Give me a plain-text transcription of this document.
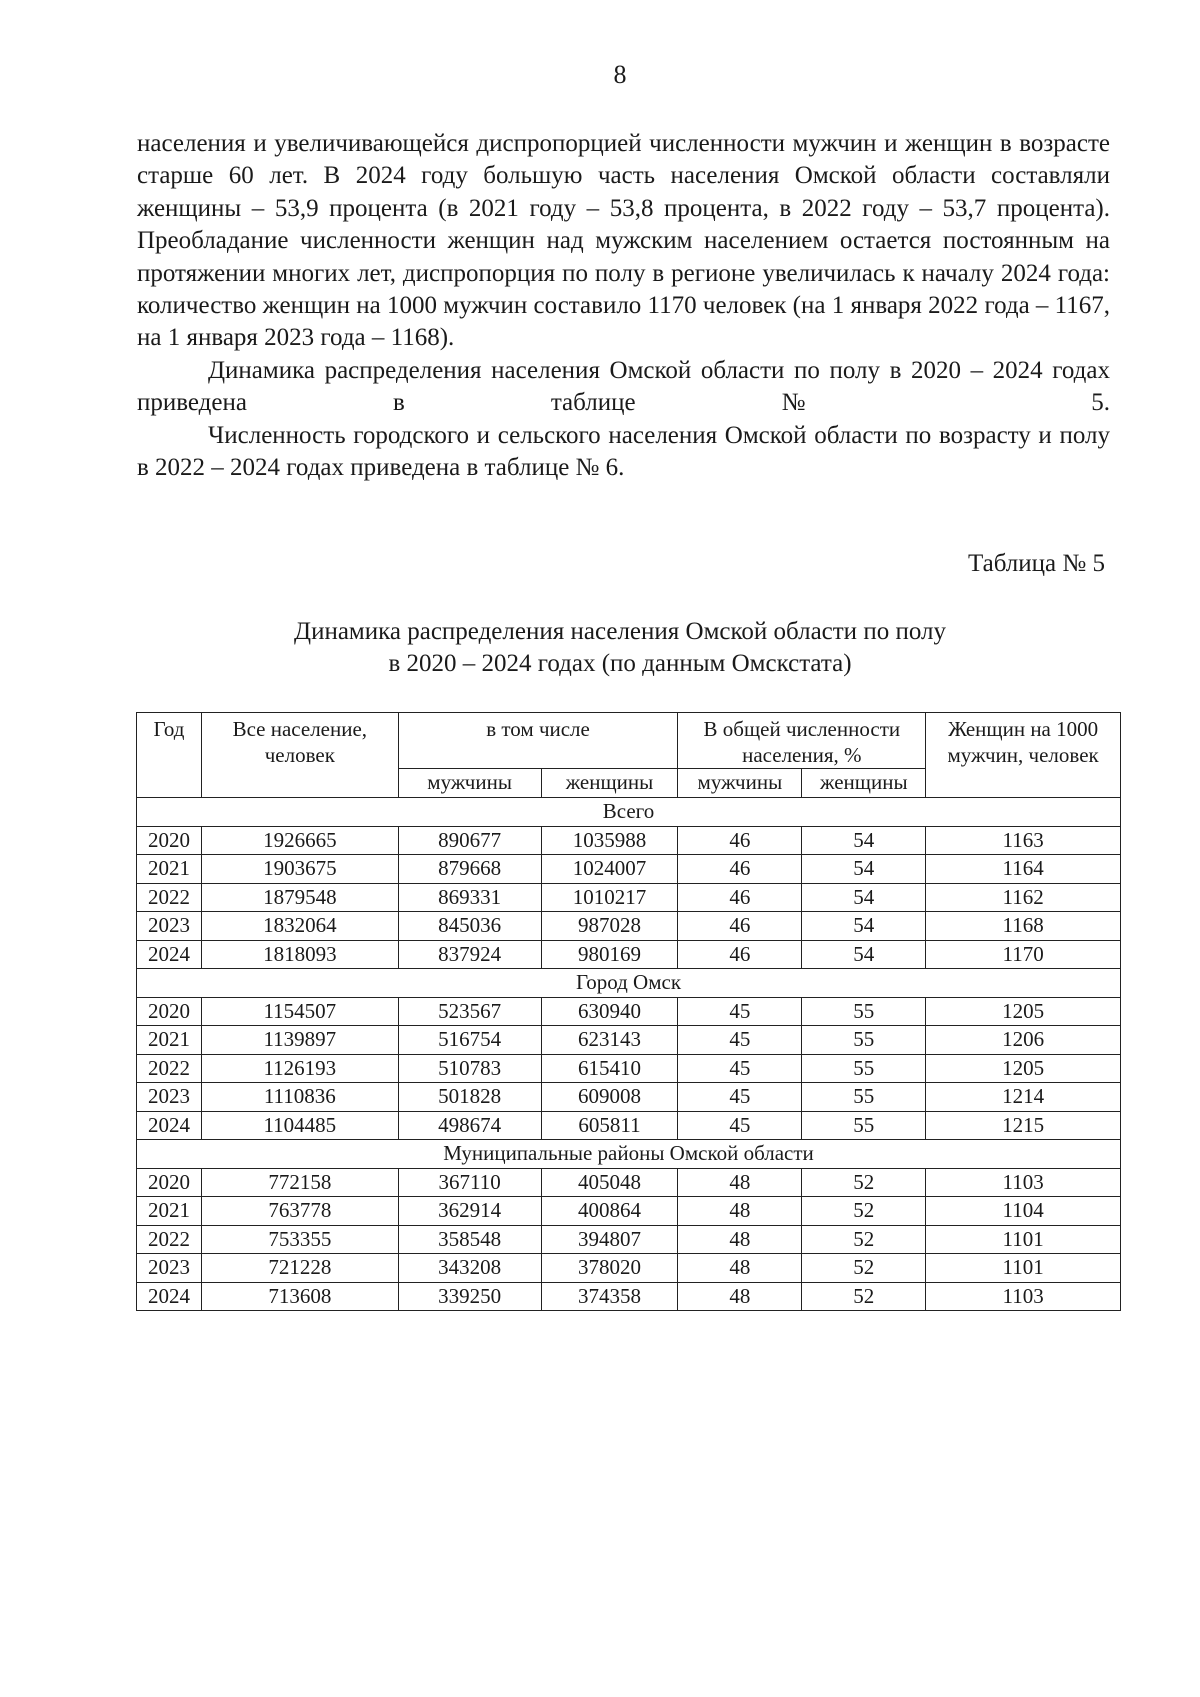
8

населения и увеличивающейся диспропорцией численности мужчин и женщин в возрасте старше 60 лет. В 2024 году большую часть населения Омской области составляли женщины – 53,9 процента (в 2021 году – 53,8 процента, в 2022 году – 53,7 процента). Преобладание численности женщин над мужским населением остается постоянным на протяжении многих лет, диспропорция по полу в регионе увеличилась к началу 2024 года: количество женщин на 1000 мужчин составило 1170 человек (на 1 января 2022 года – 1167, на 1 января 2023 года – 1168).

Динамика распределения населения Омской области по полу в 2020 – 2024 годах приведена в таблице № 5.

Численность городского и сельского населения Омской области по возрасту и полу в 2022 – 2024 годах приведена в таблице № 6.

Таблица № 5
Динамика распределения населения Омской области по полу
в 2020 – 2024 годах (по данным Омскстата)
Год	Все население, человек	в том числе		В общей численности населения, %		Женщин на 1000 мужчин, человек
		мужчины	женщины	мужчины	женщины	
Всего						
2020	1926665	890677	1035988	46	54	1163
2021	1903675	879668	1024007	46	54	1164
2022	1879548	869331	1010217	46	54	1162
2023	1832064	845036	987028	46	54	1168
2024	1818093	837924	980169	46	54	1170
Город Омск						
2020	1154507	523567	630940	45	55	1205
2021	1139897	516754	623143	45	55	1206
2022	1126193	510783	615410	45	55	1205
2023	1110836	501828	609008	45	55	1214
2024	1104485	498674	605811	45	55	1215
Муниципальные районы Омской области						
2020	772158	367110	405048	48	52	1103
2021	763778	362914	400864	48	52	1104
2022	753355	358548	394807	48	52	1101
2023	721228	343208	378020	48	52	1101
2024	713608	339250	374358	48	52	1103
